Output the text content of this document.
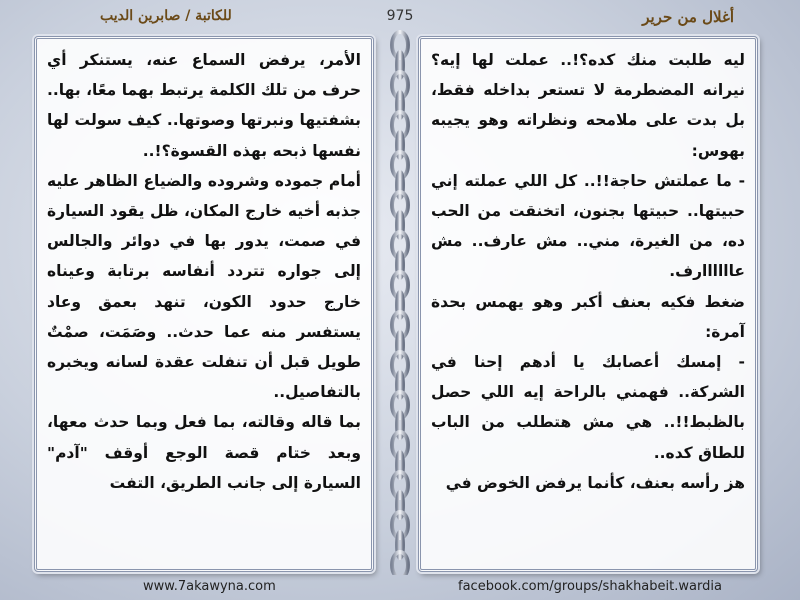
للكاتبة / صابرين الديب	975	أغلال من حرير

الأمر، يرفض السماع عنه، يستنكر أي حرف من تلك الكلمة يرتبط بهما معًا، بها.. بشفتيها ونبرتها وصوتها.. كيف سولت لها نفسها ذبحه بهذه القسوة؟!..

أمام جموده وشروده والضياع الظاهر عليه جذبه أخيه خارج المكان، ظل يقود السيارة في صمت، يدور بها في دوائر والجالس إلى جواره تتردد أنفاسه برتابة وعيناه خارج حدود الكون، تنهد بعمق وعاد يستفسر منه عما حدث.. وصَمَت، صمْتٌ طويل قبل أن تنفلت عقدة لسانه ويخبره بالتفاصيل..

بما قاله وقالته، بما فعل وبما حدث معها، وبعد ختام قصة الوجع أوقف "آدم" السيارة إلى جانب الطريق، التفت

ليه طلبت منك كده؟!.. عملت لها إيه؟ نيرانه المضطرمة لا تستعر بداخله فقط، بل بدت على ملامحه ونظراته وهو يجيبه بهوس:

- ما عملتش حاجة!!.. كل اللي عملته إني حبيتها.. حبيتها بجنون، اتخنقت من الحب ده، من الغيرة، مني.. مش عارف.. مش عاااااارف.

ضغط فكيه بعنف أكبر وهو يهمس بحدة آمرة:

- إمسك أعصابك يا أدهم إحنا في الشركة.. فهمني بالراحة إيه اللي حصل بالظبط!!.. هي مش هتطلب من الباب للطاق كده..

هز رأسه بعنف، كأنما يرفض الخوض في

www.7akawyna.com	facebook.com/groups/shakhabeit.wardia
